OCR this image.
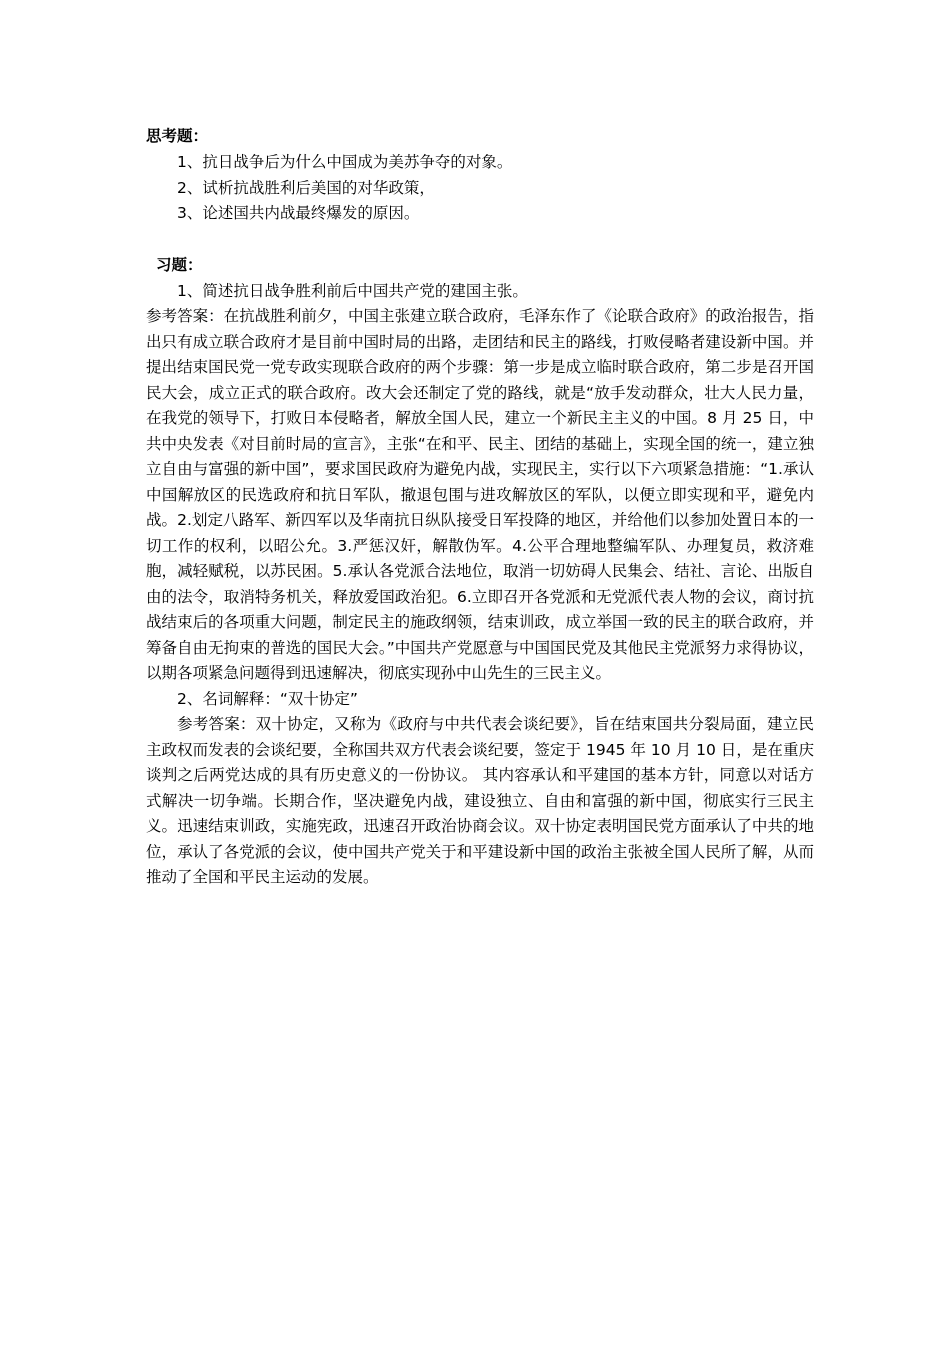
思考题：

1、抗日战争后为什么中国成为美苏争夺的对象。

2、试析抗战胜利后美国的对华政策，

3、论述国共内战最终爆发的原因。

习题：

1、简述抗日战争胜利前后中国共产党的建国主张。

参考答案：在抗战胜利前夕，中国主张建立联合政府，毛泽东作了《论联合政府》的政治报告，指出只有成立联合政府才是目前中国时局的出路，走团结和民主的路线，打败侵略者建设新中国。并提出结束国民党一党专政实现联合政府的两个步骤：第一步是成立临时联合政府，第二步是召开国民大会，成立正式的联合政府。改大会还制定了党的路线，就是“放手发动群众，壮大人民力量，在我党的领导下，打败日本侵略者，解放全国人民，建立一个新民主主义的中国。8 月 25 日，中共中央发表《对目前时局的宣言》，主张“在和平、民主、团结的基础上，实现全国的统一，建立独立自由与富强的新中国”，要求国民政府为避免内战，实现民主，实行以下六项紧急措施：“1.承认中国解放区的民选政府和抗日军队，撤退包围与进攻解放区的军队，以便立即实现和平，避免内战。2.划定八路军、新四军以及华南抗日纵队接受日军投降的地区，并给他们以参加处置日本的一切工作的权利，以昭公允。3.严惩汉奸，解散伪军。4.公平合理地整编军队、办理复员，救济难胞，减轻赋税，以苏民困。5.承认各党派合法地位，取消一切妨碍人民集会、结社、言论、出版自由的法令，取消特务机关，释放爱国政治犯。6.立即召开各党派和无党派代表人物的会议，商讨抗战结束后的各项重大问题，制定民主的施政纲领，结束训政，成立举国一致的民主的联合政府，并筹备自由无拘束的普选的国民大会。”中国共产党愿意与中国国民党及其他民主党派努力求得协议，以期各项紧急问题得到迅速解决，彻底实现孙中山先生的三民主义。

2、名词解释：“双十协定”

参考答案：双十协定，又称为《政府与中共代表会谈纪要》，旨在结束国共分裂局面，建立民主政权而发表的会谈纪要，全称国共双方代表会谈纪要，签定于 1945 年 10 月 10 日，是在重庆谈判之后两党达成的具有历史意义的一份协议。 其内容承认和平建国的基本方针，同意以对话方式解决一切争端。长期合作，坚决避免内战，建设独立、自由和富强的新中国，彻底实行三民主义。迅速结束训政，实施宪政，迅速召开政治协商会议。双十协定表明国民党方面承认了中共的地位，承认了各党派的会议，使中国共产党关于和平建设新中国的政治主张被全国人民所了解，从而推动了全国和平民主运动的发展。
